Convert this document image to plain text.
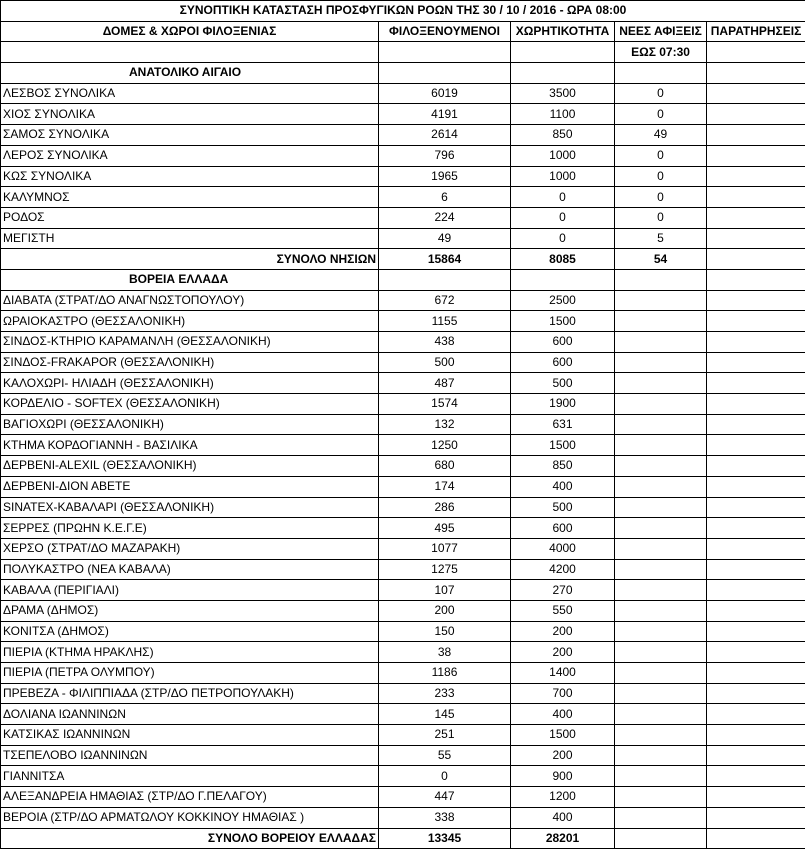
ΣΥΝΟΠΤΙΚΗ ΚΑΤΑΣΤΑΣΗ ΠΡΟΣΦΥΓΙΚΩΝ ΡΟΩΝ ΤΗΣ 30 / 10 / 2016 - ΩΡΑ 08:00				
ΔΟΜΕΣ & ΧΩΡΟΙ ΦΙΛΟΞΕΝΙΑΣ	ΦΙΛΟΞΕΝΟΥΜΕΝΟΙ	ΧΩΡΗΤΙΚΟΤΗΤΑ	ΝΕΕΣ ΑΦΙΞΕΙΣ	ΠΑΡΑΤΗΡΗΣΕΙΣ
			ΕΩΣ 07:30	
ΑΝΑΤΟΛΙΚΟ ΑΙΓΑΙΟ				
ΛΕΣΒΟΣ ΣΥΝΟΛΙΚΑ	6019	3500	0	
ΧΙΟΣ ΣΥΝΟΛΙΚΑ	4191	1100	0	
ΣΑΜΟΣ ΣΥΝΟΛΙΚΑ	2614	850	49	
ΛΕΡΟΣ ΣΥΝΟΛΙΚΑ	796	1000	0	
ΚΩΣ ΣΥΝΟΛΙΚΑ	1965	1000	0	
ΚΑΛΥΜΝΟΣ	6	0	0	
ΡΟΔΟΣ	224	0	0	
ΜΕΓΙΣΤΗ	49	0	5	
ΣΥΝΟΛΟ ΝΗΣΙΩΝ	15864	8085	54	
ΒΟΡΕΙΑ ΕΛΛΑΔΑ				
ΔΙΑΒΑΤΑ (ΣΤΡΑΤ/ΔΟ ΑΝΑΓΝΩΣΤΟΠΟΥΛΟΥ)	672	2500		
ΩΡΑΙΟΚΑΣΤΡΟ (ΘΕΣΣΑΛΟΝΙΚΗ)	1155	1500		
ΣΙΝΔΟΣ-ΚΤΗΡΙΟ ΚΑΡΑΜΑΝΛΗ (ΘΕΣΣΑΛΟΝΙΚΗ)	438	600		
ΣΙΝΔΟΣ-FRAKAPOR (ΘΕΣΣΑΛΟΝΙΚΗ)	500	600		
ΚΑΛΟΧΩΡΙ- ΗΛΙΑΔΗ (ΘΕΣΣΑΛΟΝΙΚΗ)	487	500		
ΚΟΡΔΕΛΙΟ - SOFTEX (ΘΕΣΣΑΛΟΝΙΚΗ)	1574	1900		
ΒΑΓΙΟΧΩΡΙ (ΘΕΣΣΑΛΟΝΙΚΗ)	132	631		
ΚΤΗΜΑ ΚΟΡΔΟΓΙΑΝΝΗ - ΒΑΣΙΛΙΚΑ	1250	1500		
ΔΕΡΒΕΝΙ-ALEXIL (ΘΕΣΣΑΛΟΝΙΚΗ)	680	850		
ΔΕΡΒΕΝΙ-ΔΙΟΝ ΑΒΕΤΕ	174	400		
SINATEX-ΚΑΒΑΛΑΡΙ (ΘΕΣΣΑΛΟΝΙΚΗ)	286	500		
ΣΕΡΡΕΣ (ΠΡΩΗΝ Κ.Ε.Γ.Ε)	495	600		
ΧΕΡΣΟ (ΣΤΡΑΤ/ΔΟ ΜΑΖΑΡΑΚΗ)	1077	4000		
ΠΟΛΥΚΑΣΤΡΟ (ΝΕΑ ΚΑΒΑΛΑ)	1275	4200		
ΚΑΒΑΛΑ (ΠΕΡΙΓΙΑΛΙ)	107	270		
ΔΡΑΜΑ (ΔΗΜΟΣ)	200	550		
ΚΟΝΙΤΣΑ (ΔΗΜΟΣ)	150	200		
ΠΙΕΡΙΑ (ΚΤΗΜΑ ΗΡΑΚΛΗΣ)	38	200		
ΠΙΕΡΙΑ (ΠΕΤΡΑ ΟΛΥΜΠΟΥ)	1186	1400		
ΠΡΕΒΕΖΑ - ΦΙΛΙΠΠΙΑΔΑ (ΣΤΡ/ΔΟ ΠΕΤΡΟΠΟΥΛΑΚΗ)	233	700		
ΔΟΛΙΑΝΑ ΙΩΑΝΝΙΝΩΝ	145	400		
ΚΑΤΣΙΚΑΣ ΙΩΑΝΝΙΝΩΝ	251	1500		
ΤΣΕΠΕΛΟΒΟ ΙΩΑΝΝΙΝΩΝ	55	200		
ΓΙΑΝΝΙΤΣΑ	0	900		
ΑΛΕΞΑΝΔΡΕΙΑ ΗΜΑΘΙΑΣ (ΣΤΡ/ΔΟ Γ.ΠΕΛΑΓΟΥ)	447	1200		
ΒΕΡΟΙΑ (ΣΤΡ/ΔΟ ΑΡΜΑΤΩΛΟΥ ΚΟΚΚΙΝΟΥ ΗΜΑΘΙΑΣ )	338	400		
ΣΥΝΟΛΟ ΒΟΡΕΙΟΥ ΕΛΛΑΔΑΣ	13345	28201		
